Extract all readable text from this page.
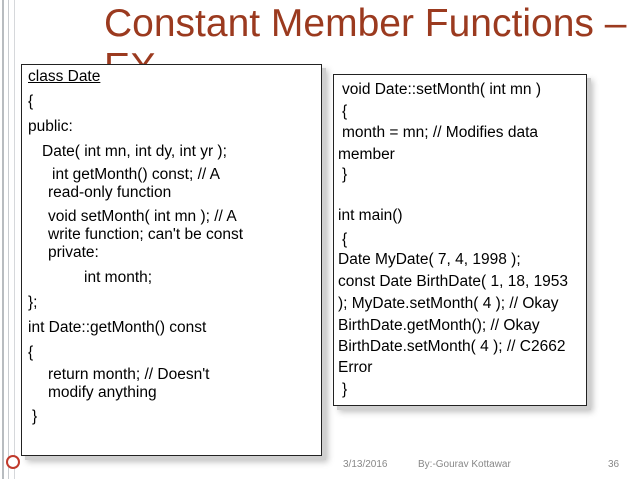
Constant Member Functions –
class Date
{
public:
Date( int mn, int dy, int yr );
int getMonth() const; // A
read-only function
void setMonth( int mn ); // A
write function; can't be const
private:
int month;
};
int Date::getMonth() const
{
return month; // Doesn't
modify anything
}
void Date::setMonth( int mn )
{
month = mn; // Modifies data
member
}
int main()
{
Date MyDate( 7, 4, 1998 );
const Date BirthDate( 1, 18, 1953
); MyDate.setMonth( 4 ); // Okay
BirthDate.getMonth(); // Okay
BirthDate.setMonth( 4 ); // C2662
Error
}
3/13/2016	By:-Gourav Kottawar	36
